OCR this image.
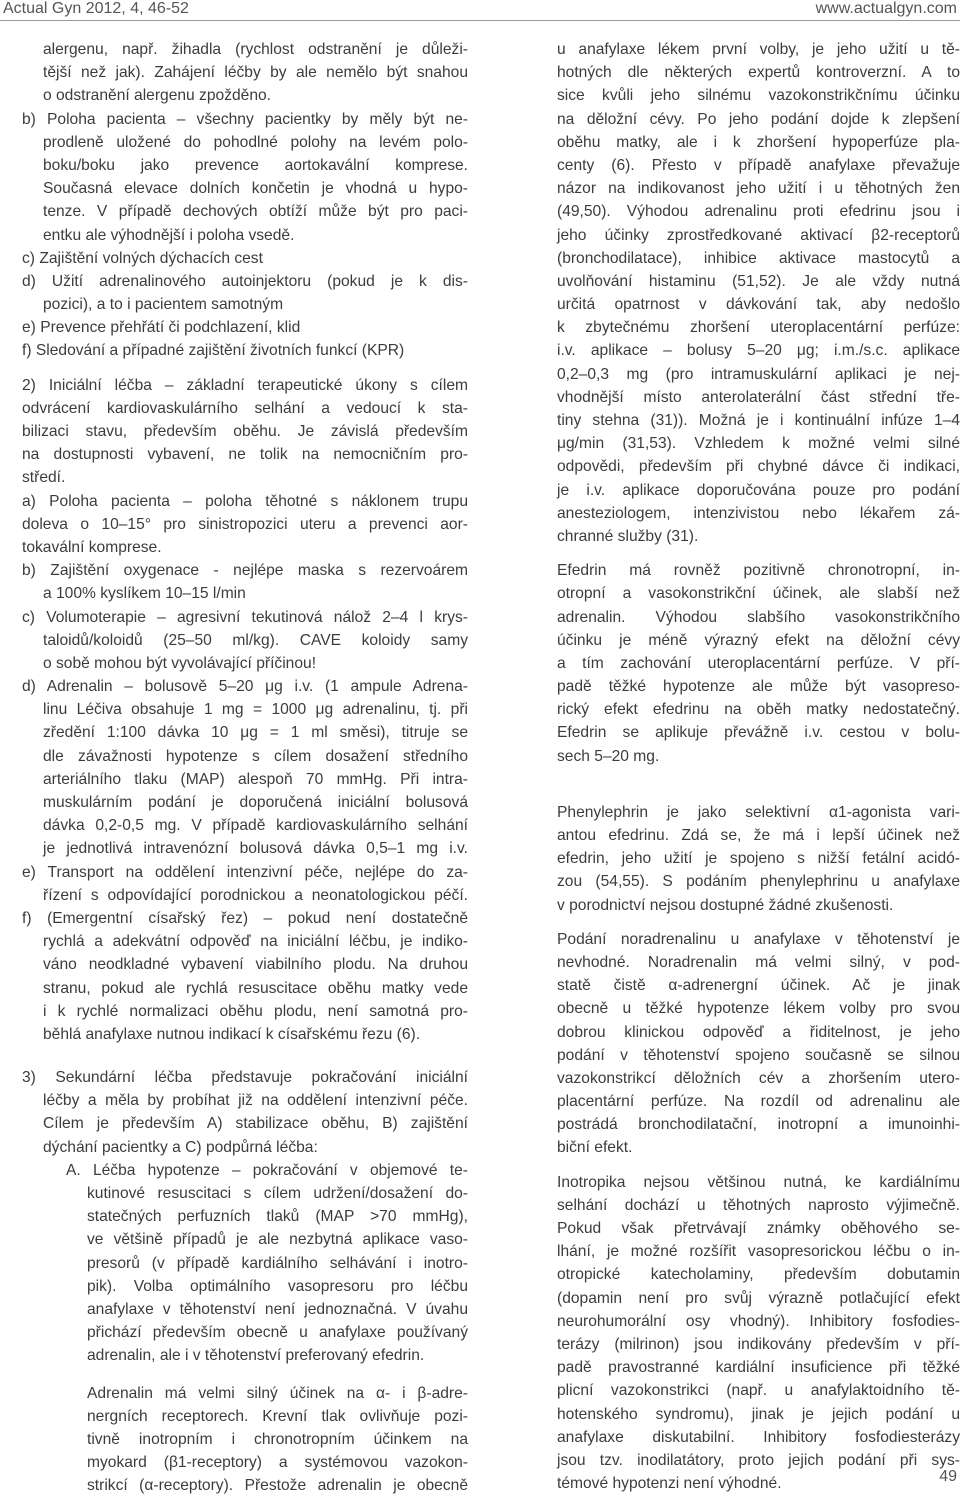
Actual Gyn 2012, 4, 46-52	www.actualgyn.com
alergenu, např. žihadla (rychlost odstranění je důleži-
tější než jak). Zahájení léčby by ale nemělo být snahou
o odstranění alergenu zpožděno.
b) Poloha pacienta – všechny pacientky by měly být ne-
prodleně uložené do pohodlné polohy na levém polo-
boku/boku jako prevence aortokavální komprese.
Současná elevace dolních končetin je vhodná u hypo-
tenze. V případě dechových obtíží může být pro paci-
entku ale výhodnější i poloha vsedě.
c) Zajištění volných dýchacích cest
d) Užití adrenalinového autoinjektoru (pokud je k dis-
pozici), a to i pacientem samotným
e) Prevence přehřátí či podchlazení, klid
f) Sledování a případné zajištění životních funkcí (KPR)
2) Iniciální léčba – základní terapeutické úkony s cílem
odvrácení kardiovaskulárního selhání a vedoucí k sta-
bilizaci stavu, především oběhu. Je závislá především
na dostupnosti vybavení, ne tolik na nemocničním pro-
středí.
a) Poloha pacienta – poloha těhotné s náklonem trupu
doleva o 10–15° pro sinistropozici uteru a prevenci aor-
tokavální komprese.
b) Zajištění oxygenace - nejlépe maska s rezervoárem
a 100% kyslíkem 10–15 l/min
c) Volumoterapie – agresivní tekutinová nálož 2–4 l krys-
taloidů/koloidů (25–50 ml/kg). CAVE koloidy samy
o sobě mohou být vyvolávající příčinou!
d) Adrenalin – bolusově 5–20 μg i.v. (1 ampule Adrena-
linu Léčiva obsahuje 1 mg = 1000 μg adrenalinu, tj. při
zředění 1:100 dávka 10 μg = 1 ml směsi), titruje se
dle závažnosti hypotenze s cílem dosažení středního
arteriálního tlaku (MAP) alespoň 70 mmHg. Při intra-
muskulárním podání je doporučená iniciální bolusová
dávka 0,2-0,5 mg. V případě kardiovaskulárního selhání
je jednotlivá intravenózní bolusová dávka 0,5–1 mg i.v.
e) Transport na oddělení intenzivní péče, nejlépe do za-
řízení s odpovídající porodnickou a neonatologickou péčí.
f) (Emergentní císařský řez) – pokud není dostatečně
rychlá a adekvátní odpověď na iniciální léčbu, je indiko-
váno neodkladné vybavení viabilního plodu. Na druhou
stranu, pokud ale rychlá resuscitace oběhu matky vede
i k rychlé normalizaci oběhu plodu, není samotná pro-
běhlá anafylaxe nutnou indikací k císařskému řezu (6).
3) Sekundární léčba představuje pokračování iniciální
léčby a měla by probíhat již na oddělení intenzivní péče.
Cílem je především A) stabilizace oběhu, B) zajištění
dýchání pacientky a C) podpůrná léčba:
A. Léčba hypotenze – pokračování v objemové te-
kutinové resuscitaci s cílem udržení/dosažení do-
statečných perfuzních tlaků (MAP >70 mmHg),
ve většině případů je ale nezbytná aplikace vaso-
presorů (v případě kardiálního selhávání i inotro-
pik). Volba optimálního vasopresoru pro léčbu
anafylaxe v těhotenství není jednoznačná. V úvahu
přichází především obecně u anafylaxe používaný
adrenalin, ale i v těhotenství preferovaný efedrin.
Adrenalin má velmi silný účinek na α- i β-adre-
nergních receptorech. Krevní tlak ovlivňuje pozi-
tivně inotropním i chronotropním účinkem na
myokard (β1-receptory) a systémovou vazokon-
strikcí (α-receptory). Přestože adrenalin je obecně
u anafylaxe lékem první volby, je jeho užití u tě-
hotných dle některých expertů kontroverzní. A to
sice kvůli jeho silnému vazokonstrikčnímu účinku
na děložní cévy. Po jeho podání dojde k zlepšení
oběhu matky, ale i k zhoršení hypoperfúze pla-
centy (6). Přesto v případě anafylaxe převažuje
názor na indikovanost jeho užití i u těhotných žen
(49,50). Výhodou adrenalinu proti efedrinu jsou i
jeho účinky zprostředkované aktivací β2-receptorů
(bronchodilatace), inhibice aktivace mastocytů a
uvolňování histaminu (51,52). Je ale vždy nutná
určitá opatrnost v dávkování tak, aby nedošlo
k zbytečnému zhoršení uteroplacentární perfúze:
i.v. aplikace – bolusy 5–20 μg; i.m./s.c. aplikace
0,2–0,3 mg (pro intramuskulární aplikaci je nej-
vhodnější místo anterolaterální část střední tře-
tiny stehna (31)). Možná je i kontinuální infúze 1–4
μg/min (31,53). Vzhledem k možné velmi silné
odpovědi, především při chybné dávce či indikaci,
je i.v. aplikace doporučována pouze pro podání
anesteziologem, intenzivistou nebo lékařem zá-
chranné služby (31).
Efedrin má rovněž pozitivně chronotropní, in-
otropní a vasokonstrikční účinek, ale slabší než
adrenalin. Výhodou slabšího vasokonstrikčního
účinku je méně výrazný efekt na děložní cévy
a tím zachování uteroplacentární perfúze. V pří-
padě těžké hypotenze ale může být vasopreso-
rický efekt efedrinu na oběh matky nedostatečný.
Efedrin se aplikuje převážně i.v. cestou v bolu-
sech 5–20 mg.
Phenylephrin je jako selektivní α1-agonista vari-
antou efedrinu. Zdá se, že má i lepší účinek než
efedrin, jeho užití je spojeno s nižší fetální acidó-
zou (54,55). S podáním phenylephrinu u anafylaxe
v porodnictví nejsou dostupné žádné zkušenosti.
Podání noradrenalinu u anafylaxe v těhotenství je
nevhodné. Noradrenalin má velmi silný, v pod-
statě čistě α-adrenergní účinek. Ač je jinak
obecně u těžké hypotenze lékem volby pro svou
dobrou klinickou odpověď a řiditelnost, je jeho
podání v těhotenství spojeno současně se silnou
vazokonstrikcí děložních cév a zhoršením utero-
placentární perfúze. Na rozdíl od adrenalinu ale
postrádá bronchodilatační, inotropní a imunoinhi-
biční efekt.
Inotropika nejsou většinou nutná, ke kardiálnímu
selhání dochází u těhotných naprosto výjimečně.
Pokud však přetrvávají známky oběhového se-
lhání, je možné rozšířit vasopresorickou léčbu o in-
otropické katecholaminy, především dobutamin
(dopamin není pro svůj výrazně potlačující efekt
neurohumorální osy vhodný). Inhibitory fosfodies-
terázy (milrinon) jsou indikovány především v pří-
padě pravostranné kardiální insuficience při těžké
plicní vazokonstrikci (např. u anafylaktoidního tě-
hotenského syndromu), jinak je jejich podání u
anafylaxe diskutabilní. Inhibitory fosfodiesterázy
jsou tzv. inodilatátory, proto jejich podání při sys-
témové hypotenzi není výhodné.	49
